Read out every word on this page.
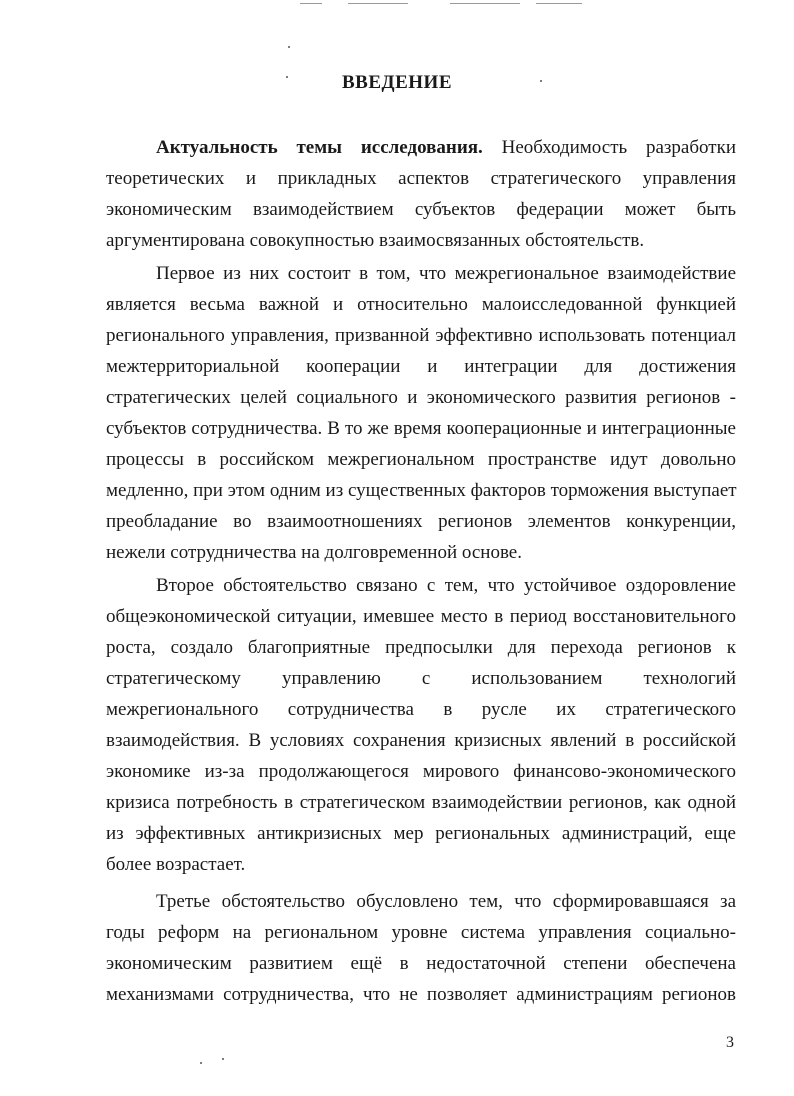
ВВЕДЕНИЕ
Актуальность темы исследования. Необходимость разработки
теоретических и прикладных аспектов стратегического управления
экономическим взаимодействием субъектов федерации может быть
аргументирована совокупностью взаимосвязанных обстоятельств.
Первое из них состоит в том, что межрегиональное взаимодействие
является весьма важной и относительно малоисследованной функцией
регионального управления, призванной эффективно использовать потенциал
межтерриториальной кооперации и интеграции для достижения
стратегических целей социального и экономического развития регионов -
субъектов сотрудничества. В то же время кооперационные и интеграционные
процессы в российском межрегиональном пространстве идут довольно
медленно, при этом одним из существенных факторов торможения выступает
преобладание во взаимоотношениях регионов элементов конкуренции,
нежели сотрудничества на долговременной основе.
Второе обстоятельство связано с тем, что устойчивое оздоровление
общеэкономической ситуации, имевшее место в период восстановительного
роста, создало благоприятные предпосылки для перехода регионов к
стратегическому управлению с использованием технологий
межрегионального сотрудничества в русле их стратегического
взаимодействия. В условиях сохранения кризисных явлений в российской
экономике из-за продолжающегося мирового финансово-экономического
кризиса потребность в стратегическом взаимодействии регионов, как одной
из эффективных антикризисных мер региональных администраций, еще
более возрастает.
Третье обстоятельство обусловлено тем, что сформировавшаяся за
годы реформ на региональном уровне система управления социально-
экономическим развитием ещё в недостаточной степени обеспечена
механизмами сотрудничества, что не позволяет администрациям регионов

3
